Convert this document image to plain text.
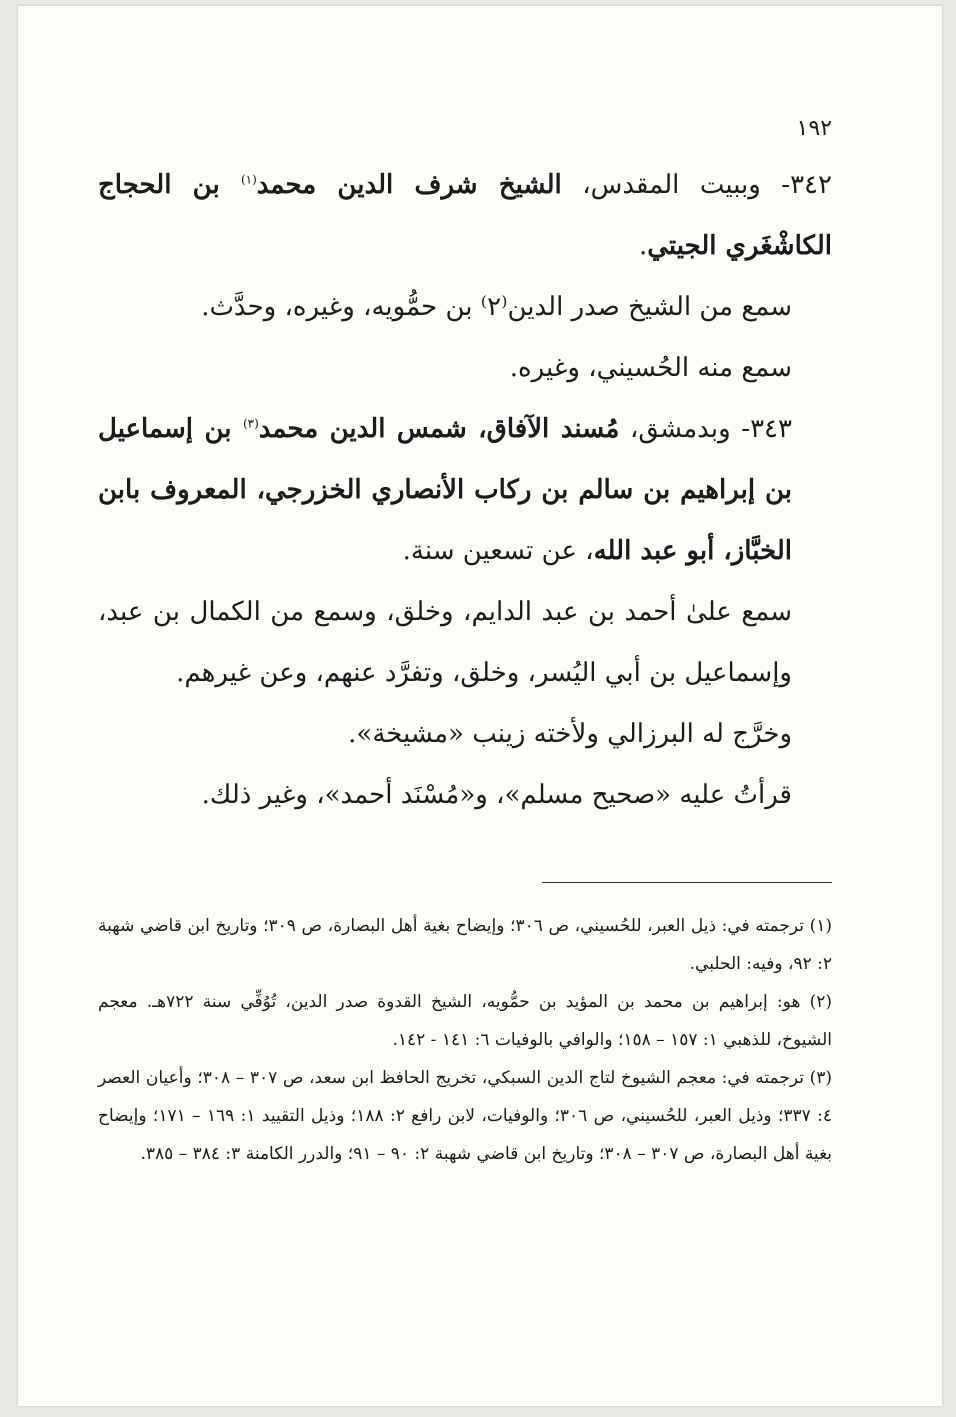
١٩٢

٣٤٢- وببيت المقدس، الشيخ شرف الدين محمد$^{(١)}$ بن الحجاج الكاشْغَري الجيتي.

سمع من الشيخ صدر الدين⁽٢⁾ بن حمُّويه، وغيره، وحدَّث.

سمع منه الحُسيني، وغيره.

٣٤٣- وبدمشق، مُسند الآفاق، شمس الدين محمد$^{(٣)}$ بن إسماعيل بن إبراهيم بن سالم بن ركاب الأنصاري الخزرجي، المعروف بابن الخبَّاز، أبو عبد الله، عن تسعين سنة.

سمع علىٰ أحمد بن عبد الدايم، وخلق، وسمع من الكمال بن عبد، وإسماعيل بن أبي اليُسر، وخلق، وتفرَّد عنهم، وعن غيرهم.

وخرَّج له البرزالي ولأخته زينب «مشيخة».

قرأتُ عليه «صحيح مسلم»، و«مُسْنَد أحمد»، وغير ذلك.

(١) ترجمته في: ذيل العبر، للحُسيني، ص ٣٠٦؛ وإيضاح بغية أهل البصارة، ص ٣٠٩؛ وتاريخ ابن قاضي شهبة ٢: ٩٢، وفيه: الحلبي.

(٢) هو: إبراهيم بن محمد بن المؤيد بن حمُّويه، الشيخ القدوة صدر الدين، تُوُفِّي سنة ٧٢٢هـ. معجم الشيوخ، للذهبي ١: ١٥٧ – ١٥٨؛ والوافي بالوفيات ٦: ١٤١ - ١٤٢.

(٣) ترجمته في: معجم الشيوخ لتاج الدين السبكي، تخريج الحافظ ابن سعد، ص ٣٠٧ – ٣٠٨؛ وأعيان العصر ٤: ٣٣٧؛ وذيل العبر، للحُسيني، ص ٣٠٦؛ والوفيات، لابن رافع ٢: ١٨٨؛ وذيل التقييد ١: ١٦٩ – ١٧١؛ وإيضاح بغية أهل البصارة، ص ٣٠٧ – ٣٠٨؛ وتاريخ ابن قاضي شهبة ٢: ٩٠ – ٩١؛ والدرر الكامنة ٣: ٣٨٤ – ٣٨٥.
